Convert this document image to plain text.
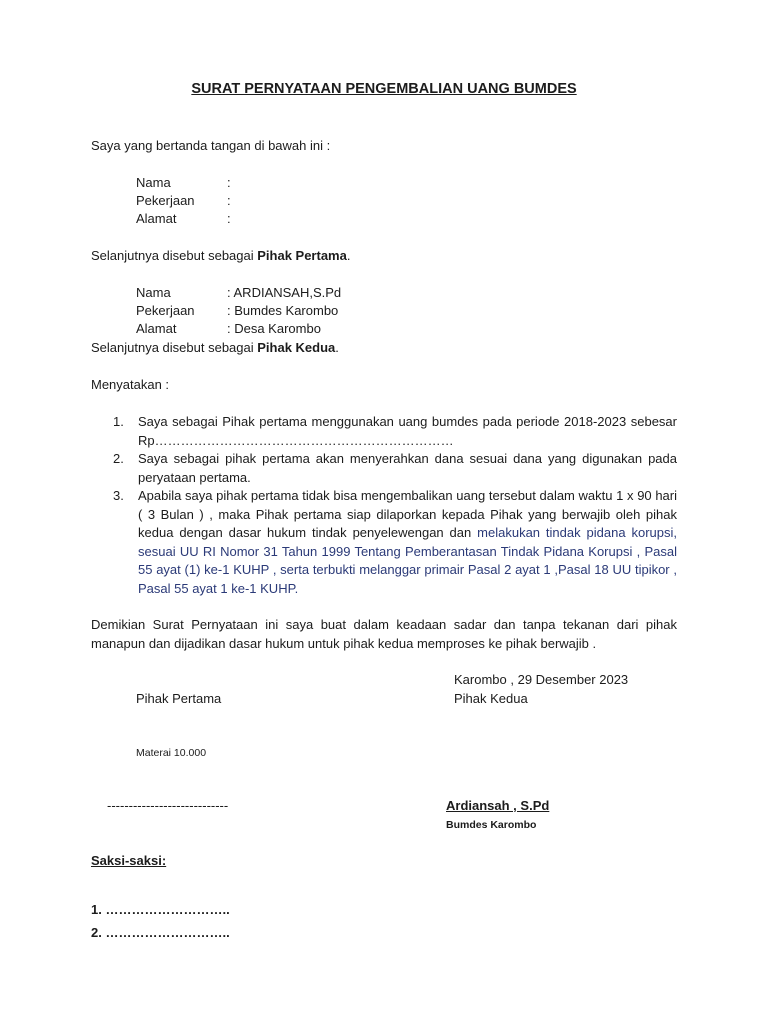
SURAT PERNYATAAN PENGEMBALIAN UANG BUMDES
Saya yang bertanda tangan di bawah ini :
Nama	:
Pekerjaan :
Alamat	:
Selanjutnya disebut sebagai Pihak Pertama.
Nama	: ARDIANSAH,S.Pd
Pekerjaan : Bumdes Karombo
Alamat	: Desa Karombo
Selanjutnya disebut sebagai Pihak Kedua.
Menyatakan :
1. Saya sebagai Pihak pertama menggunakan uang bumdes pada periode 2018-2023 sebesar Rp……………………………………………………………
2. Saya sebagai pihak pertama akan menyerahkan dana sesuai dana yang digunakan pada peryataan pertama.
3. Apabila saya pihak pertama tidak bisa mengembalikan uang tersebut dalam waktu 1 x 90 hari ( 3 Bulan ) , maka Pihak pertama siap dilaporkan kepada Pihak yang berwajib oleh pihak kedua dengan dasar hukum tindak penyelewengan dan melakukan tindak pidana korupsi, sesuai UU RI Nomor 31 Tahun 1999 Tentang Pemberantasan Tindak Pidana Korupsi , Pasal 55 ayat (1) ke-1 KUHP , serta terbukti melanggar primair Pasal 2 ayat 1 ,Pasal 18 UU tipikor , Pasal 55 ayat 1 ke-1 KUHP.
Demikian Surat Pernyataan ini saya buat dalam keadaan sadar dan tanpa tekanan dari pihak manapun dan dijadikan dasar hukum untuk pihak kedua memproses ke pihak berwajib .
Karombo , 29 Desember 2023
Pihak Pertama	Pihak Kedua
Materai 10.000
----------------------------	Ardiansah , S.Pd
Bumdes Karombo
Saksi-saksi:
1. ………………………..
2. ………………………..
